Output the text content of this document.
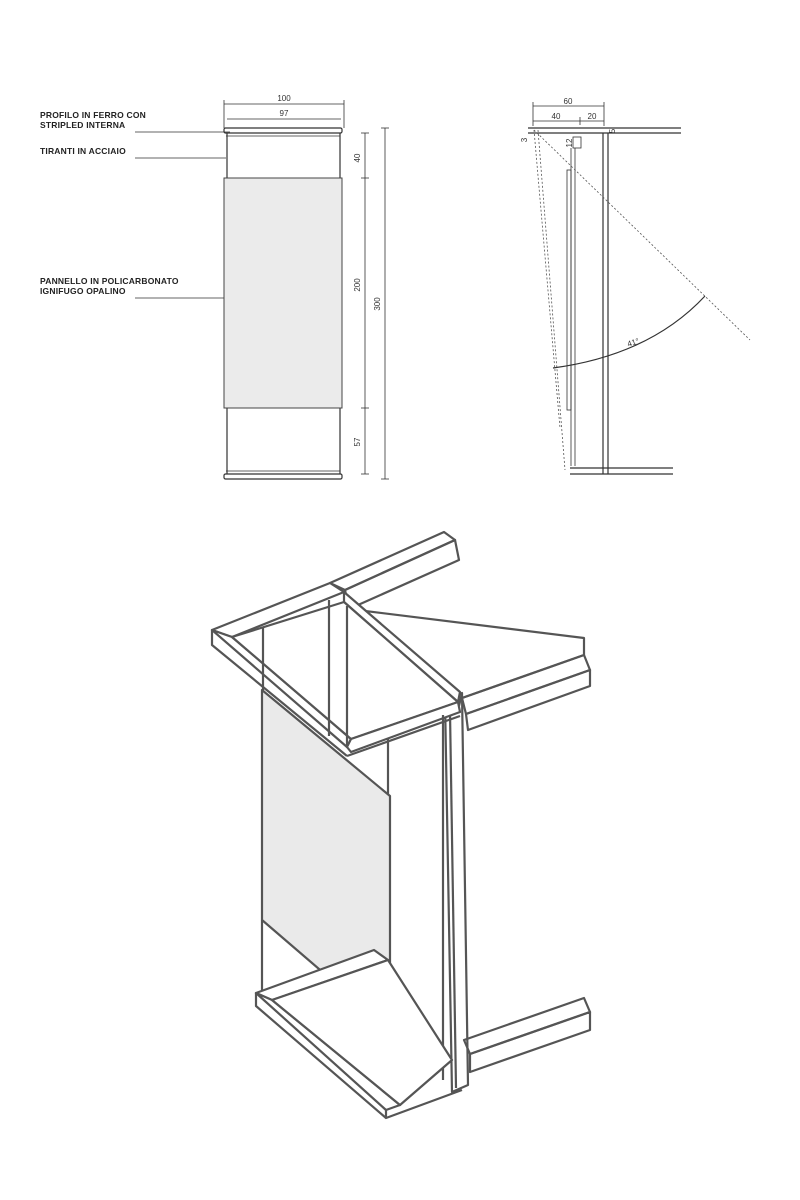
PROFILO IN FERRO CON
STRIPLED INTERNA
TIRANTI IN ACCIAIO
PANNELLO IN POLICARBONATO
IGNIFUGO OPALINO
100
97
40
200
57
300
60
40	20
3	12
5
41°
